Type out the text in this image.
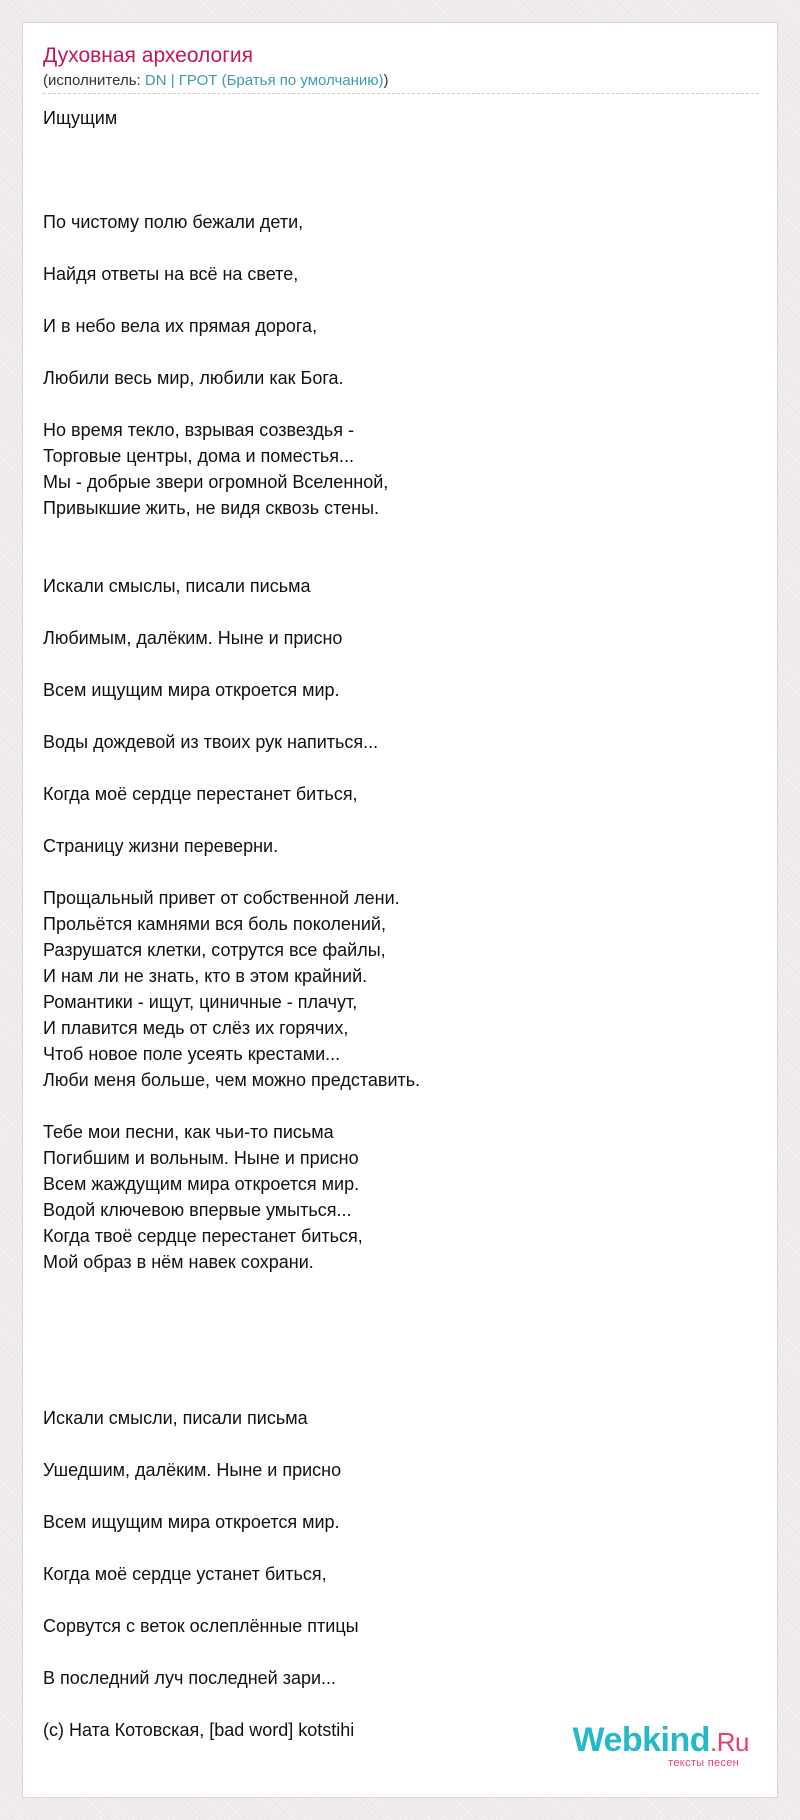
Духовная археология
(исполнитель: DN | ГРОТ (Братья по умолчанию))
Ищущим
По чистому полю бежали дети,
Найдя ответы на всё на свете,
И в небо вела их прямая дорога,
Любили весь мир, любили как Бога.
Но время текло, взрывая созвездья -
Торговые центры, дома и поместья...
Мы - добрые звери огромной Вселенной,
Привыкшие жить, не видя сквозь стены.
Искали смыслы, писали письма
Любимым, далёким. Ныне и присно
Всем ищущим мира откроется мир.
Воды дождевой из твоих рук напиться...
Когда моё сердце перестанет биться,
Страницу жизни переверни.
Прощальный привет от собственной лени.
Прольётся камнями вся боль поколений,
Разрушатся клетки, сотрутся все файлы,
И нам ли не знать, кто в этом крайний.
Романтики - ищут, циничные - плачут,
И плавится медь от слёз их горячих,
Чтоб новое поле усеять крестами...
Люби меня больше, чем можно представить.
Тебе мои песни, как чьи-то письма
Погибшим и вольным. Ныне и присно
Всем жаждущим мира откроется мир.
Водой ключевою впервые умыться...
Когда твоё сердце перестанет биться,
Мой образ в нём навек сохрани.
Искали смысли, писали письма
Ушедшим, далёким. Ныне и присно
Всем ищущим мира откроется мир.
Когда моё сердце устанет биться,
Сорвутся с веток ослеплённые птицы
В последний луч последней зари...
(c) Ната Котовская, [bad word] kotstihi	Webkind.Ru
тексты песен
